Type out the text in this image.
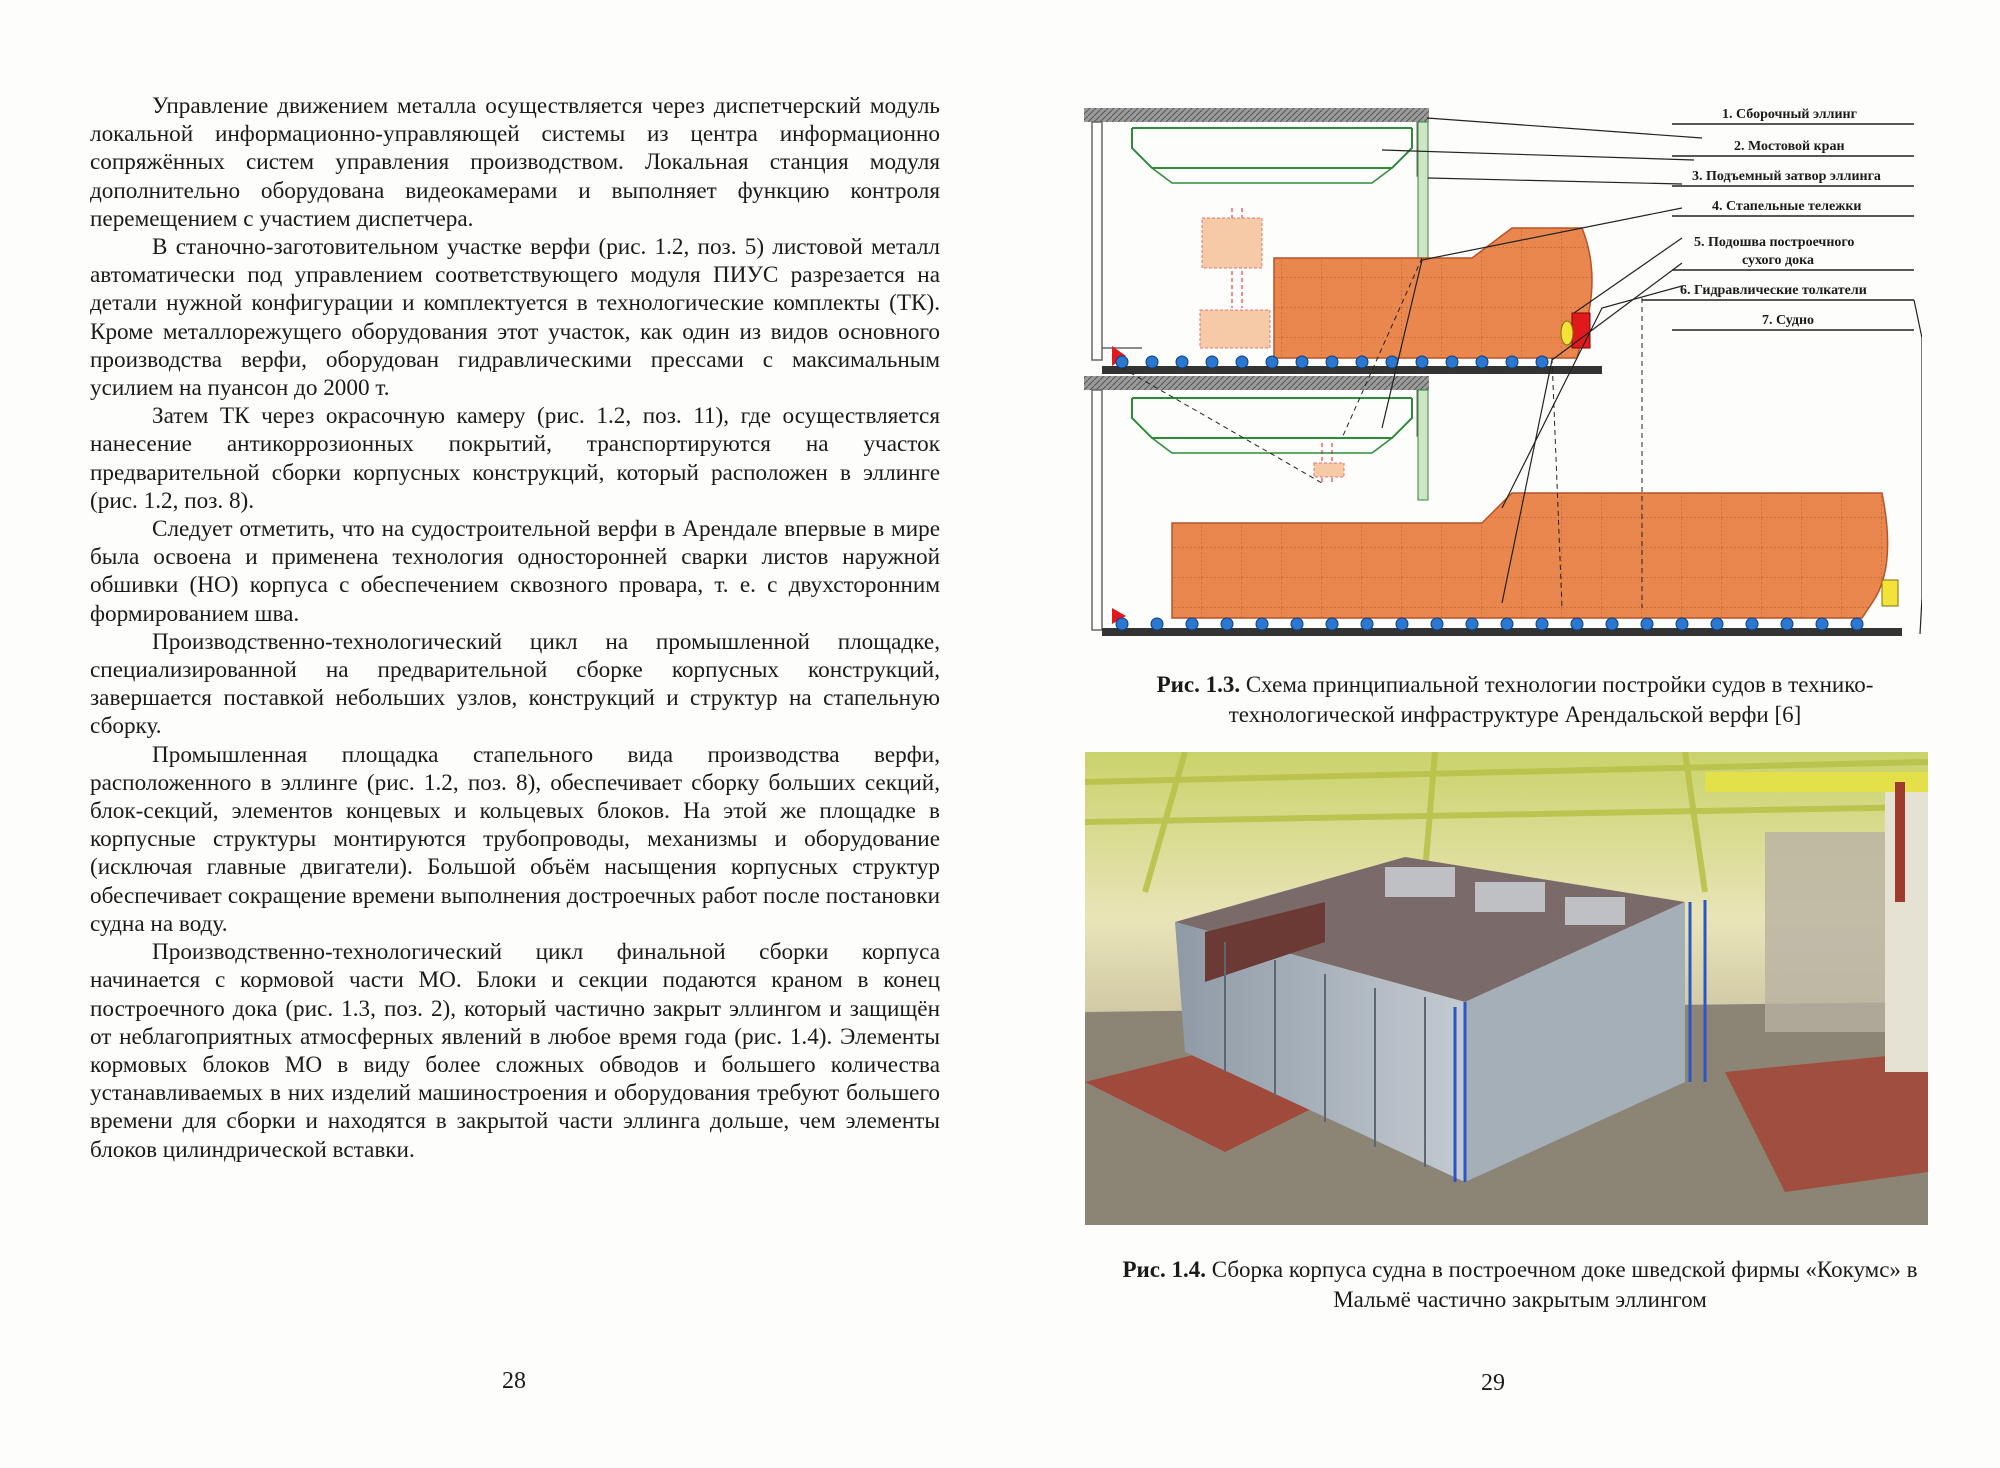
Управление движением металла осуществляется через диспетчерский модуль локальной информационно-управляющей системы из центра информационно сопряжённых систем управления производством. Локальная станция модуля дополнительно оборудована видеокамерами и выполняет функцию контроля перемещением с участием диспетчера.

В станочно-заготовительном участке верфи (рис. 1.2, поз. 5) листовой металл автоматически под управлением соответствующего модуля ПИУС разрезается на детали нужной конфигурации и комплектуется в технологические комплекты (ТК). Кроме металлорежущего оборудования этот участок, как один из видов основного производства верфи, оборудован гидравлическими прессами с максимальным усилием на пуансон до 2000 т.

Затем ТК через окрасочную камеру (рис. 1.2, поз. 11), где осуществляется нанесение антикоррозионных покрытий, транспортируются на участок предварительной сборки корпусных конструкций, который расположен в эллинге (рис. 1.2, поз. 8).

Следует отметить, что на судостроительной верфи в Арендале впервые в мире была освоена и применена технология односторонней сварки листов наружной обшивки (НО) корпуса с обеспечением сквозного провара, т. е. с двухсторонним формированием шва.

Производственно-технологический цикл на промышленной площадке, специализированной на предварительной сборке корпусных конструкций, завершается поставкой небольших узлов, конструкций и структур на стапельную сборку.

Промышленная площадка стапельного вида производства верфи, расположенного в эллинге (рис. 1.2, поз. 8), обеспечивает сборку больших секций, блок-секций, элементов концевых и кольцевых блоков. На этой же площадке в корпусные структуры монтируются трубопроводы, механизмы и оборудование (исключая главные двигатели). Большой объём насыщения корпусных структур обеспечивает сокращение времени выполнения достроечных работ после постановки судна на воду.

Производственно-технологический цикл финальной сборки корпуса начинается с кормовой части МО. Блоки и секции подаются краном в конец построечного дока (рис. 1.3, поз. 2), который частично закрыт эллингом и защищён от неблагоприятных атмосферных явлений в любое время года (рис. 1.4). Элементы кормовых блоков МО в виду более сложных обводов и большего количества устанавливаемых в них изделий машиностроения и оборудования требуют большего времени для сборки и находятся в закрытой части эллинга дольше, чем элементы блоков цилиндрической вставки.

28
1. Сборочный эллинг
2. Мостовой кран
3. Подъемный затвор эллинга
4. Стапельные тележки
5. Подошва построечного
сухого дока
6. Гидравлические толкатели
7. Судно
Рис. 1.3. Схема принципиальной технологии постройки судов в технико-технологической инфраструктуре Арендальской верфи [6]
Рис. 1.4. Сборка корпуса судна в построечном доке шведской фирмы «Кокумс» в Мальмё частично закрытым эллингом
29
